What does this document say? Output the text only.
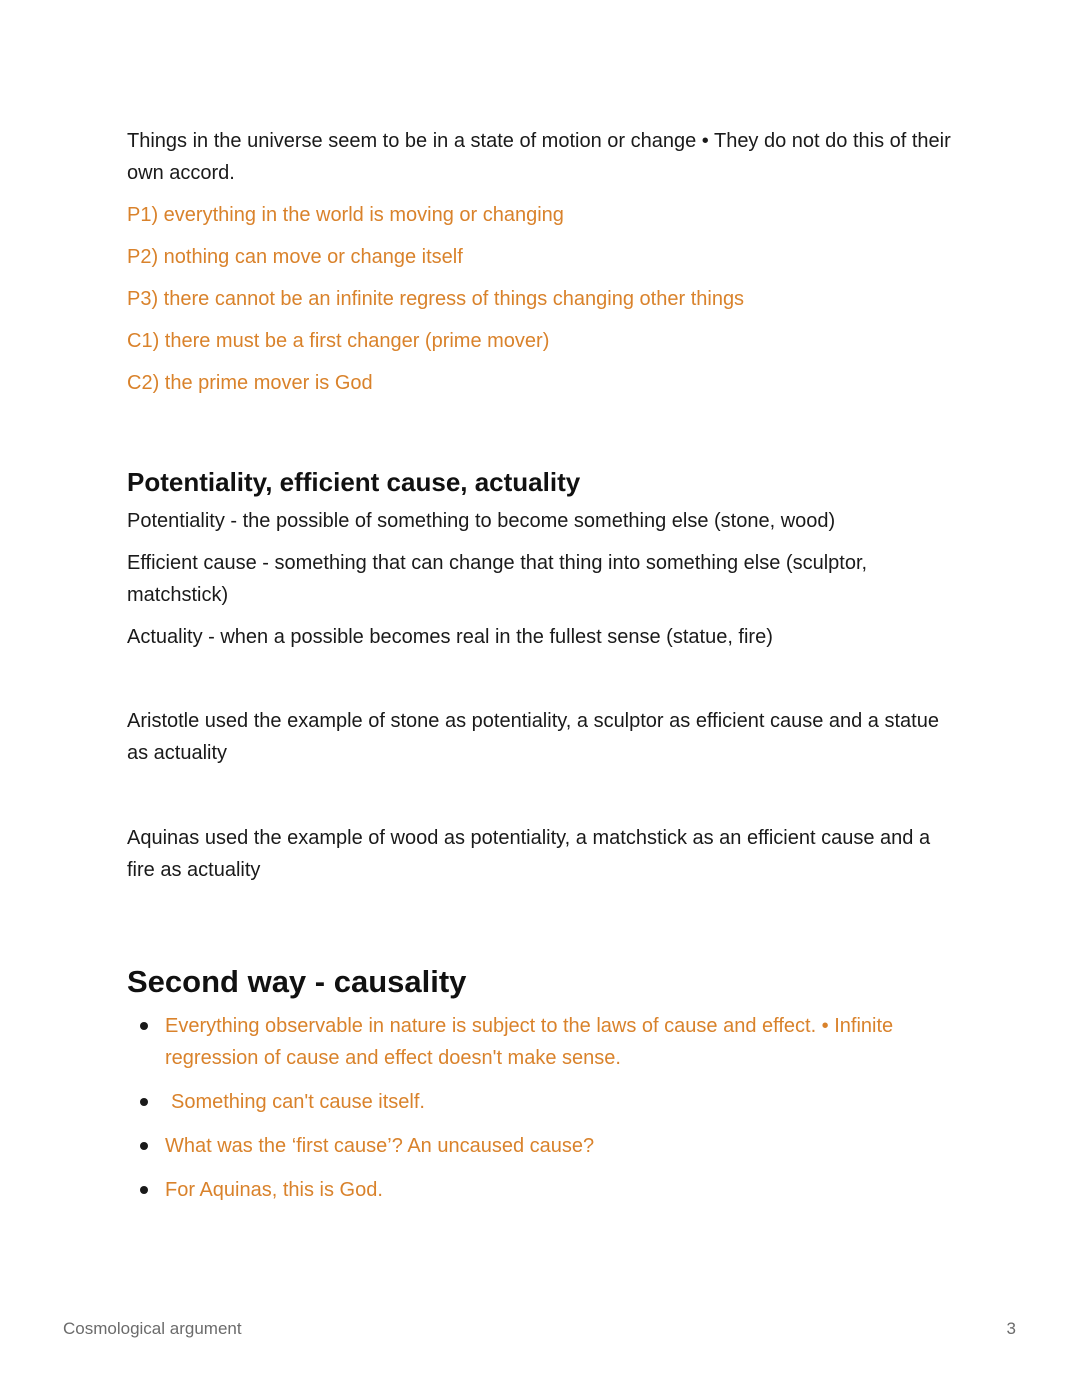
Things in the universe seem to be in a state of motion or change • They do not do this of their own accord.

P1) everything in the world is moving or changing

P2) nothing can move or change itself

P3) there cannot be an infinite regress of things changing other things

C1) there must be a first changer (prime mover)

C2) the prime mover is God

Potentiality, efficient cause, actuality

Potentiality - the possible of something to become something else (stone, wood)

Efficient cause - something that can change that thing into something else (sculptor, matchstick)

Actuality - when a possible becomes real in the fullest sense (statue, fire)

Aristotle used the example of stone as potentiality, a sculptor as efficient cause and a statue as actuality

Aquinas used the example of wood as potentiality, a matchstick as an efficient cause and a fire as actuality

Second way - causality
Everything observable in nature is subject to the laws of cause and effect. • Infinite regression of cause and effect doesn't make sense.
Something can't cause itself.
What was the ‘first cause’? An uncaused cause?
For Aquinas, this is God.
Cosmological argument	3
